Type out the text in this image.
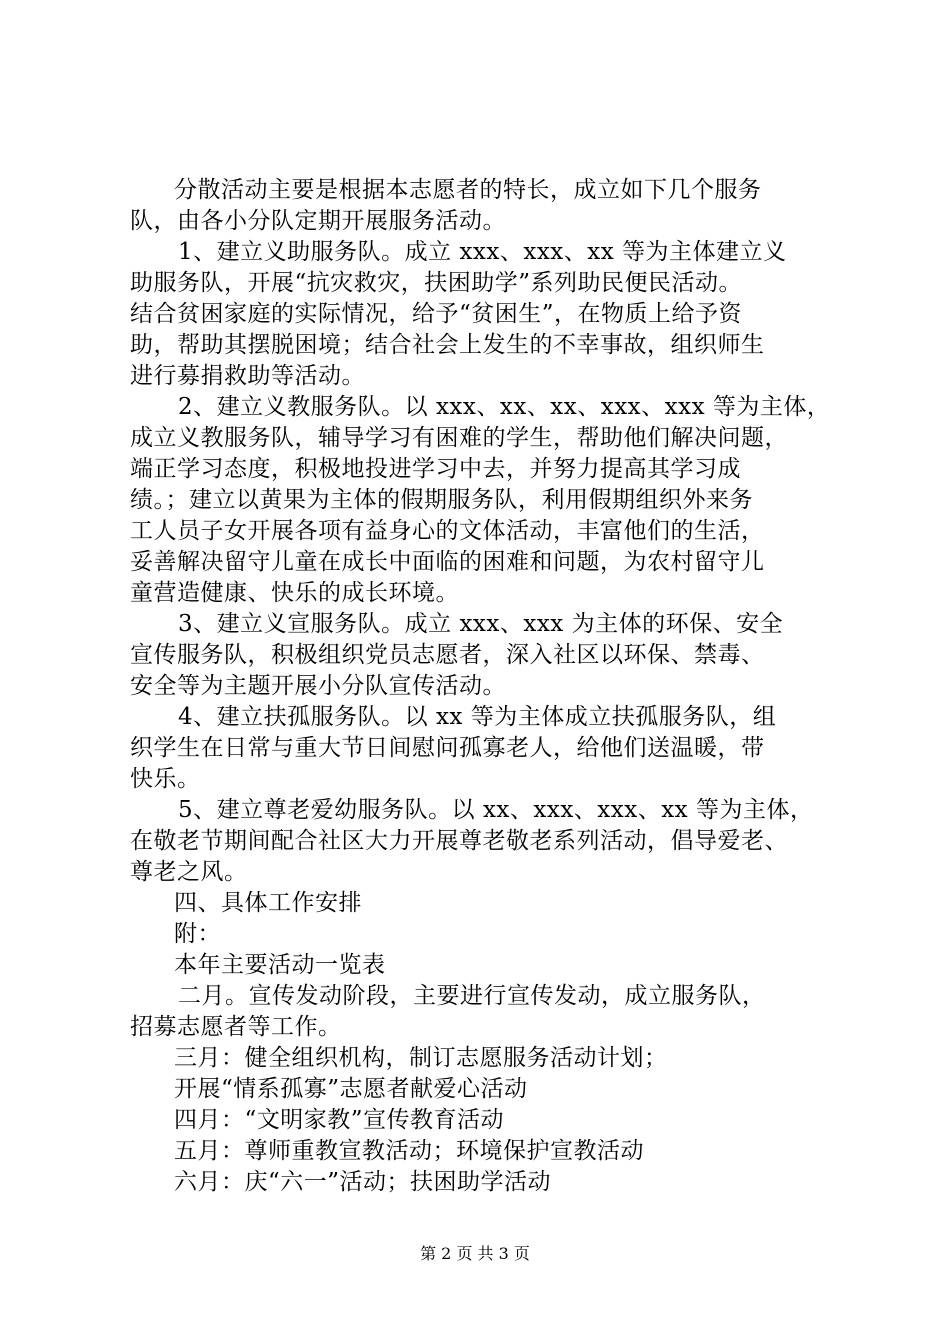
分散活动主要是根据本志愿者的特长，成立如下几个服务
队，由各小分队定期开展服务活动。
1、建立义助服务队。成立 xxx、xxx、xx 等为主体建立义
助服务队，开展“抗灾救灾，扶困助学”系列助民便民活动。
结合贫困家庭的实际情况，给予“贫困生”，在物质上给予资
助，帮助其摆脱困境；结合社会上发生的不幸事故，组织师生
进行募捐救助等活动。
2、建立义教服务队。以 xxx、xx、xx、xxx、xxx 等为主体，
成立义教服务队，辅导学习有困难的学生，帮助他们解决问题，
端正学习态度，积极地投进学习中去，并努力提高其学习成
绩。；建立以黄果为主体的假期服务队，利用假期组织外来务
工人员子女开展各项有益身心的文体活动，丰富他们的生活，
妥善解决留守儿童在成长中面临的困难和问题，为农村留守儿
童营造健康、快乐的成长环境。
3、建立义宣服务队。成立 xxx、xxx 为主体的环保、安全
宣传服务队，积极组织党员志愿者，深入社区以环保、禁毒、
安全等为主题开展小分队宣传活动。
4、建立扶孤服务队。以 xx 等为主体成立扶孤服务队，组
织学生在日常与重大节日间慰问孤寡老人，给他们送温暖，带
快乐。
5、建立尊老爱幼服务队。以 xx、xxx、xxx、xx 等为主体，
在敬老节期间配合社区大力开展尊老敬老系列活动，倡导爱老、
尊老之风。
四、具体工作安排
附：
本年主要活动一览表
二月。宣传发动阶段，主要进行宣传发动，成立服务队，
招募志愿者等工作。
三月：健全组织机构，制订志愿服务活动计划；
开展“情系孤寡”志愿者献爱心活动
四月：“文明家教”宣传教育活动
五月：尊师重教宣教活动；环境保护宣教活动
六月：庆“六一”活动；扶困助学活动
第 2 页 共 3 页
